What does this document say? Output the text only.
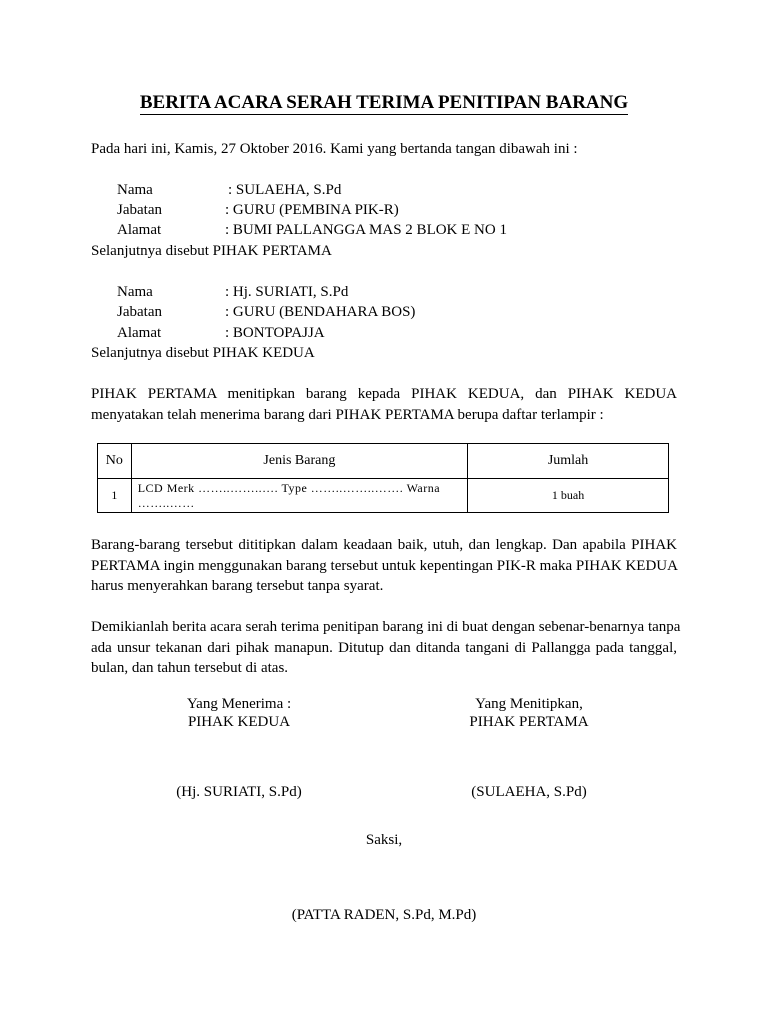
BERITA ACARA SERAH TERIMA PENITIPAN BARANG
Pada hari ini, Kamis, 27 Oktober 2016. Kami yang bertanda tangan dibawah ini :
Nama	: SULAEHA, S.Pd
Jabatan	: GURU (PEMBINA PIK-R)
Alamat	: BUMI PALLANGGA MAS 2 BLOK E NO 1
Selanjutnya disebut PIHAK PERTAMA
Nama	: Hj. SURIATI, S.Pd
Jabatan	: GURU (BENDAHARA BOS)
Alamat	: BONTOPAJJA
Selanjutnya disebut PIHAK KEDUA
PIHAK PERTAMA menitipkan barang kepada PIHAK KEDUA, dan PIHAK KEDUA
menyatakan telah menerima barang dari PIHAK PERTAMA berupa daftar terlampir :
No	Jenis Barang	Jumlah
1	LCD Merk ……..……..…. Type ……..……..……. Warna ……..……	1 buah
Barang-barang tersebut dititipkan dalam keadaan baik, utuh, dan lengkap. Dan apabila PIHAK
PERTAMA ingin menggunakan barang tersebut untuk kepentingan PIK-R maka PIHAK KEDUA
harus menyerahkan barang tersebut tanpa syarat.
Demikianlah berita acara serah terima penitipan barang ini di buat dengan sebenar-benarnya tanpa
ada unsur tekanan dari pihak manapun. Ditutup dan ditanda tangani di Pallangga pada tanggal,
bulan, dan tahun tersebut di atas.
Yang Menerima :
PIHAK KEDUA
(Hj. SURIATI, S.Pd)
Yang Menitipkan,
PIHAK PERTAMA
(SULAEHA, S.Pd)
Saksi,
(PATTA RADEN, S.Pd, M.Pd)
